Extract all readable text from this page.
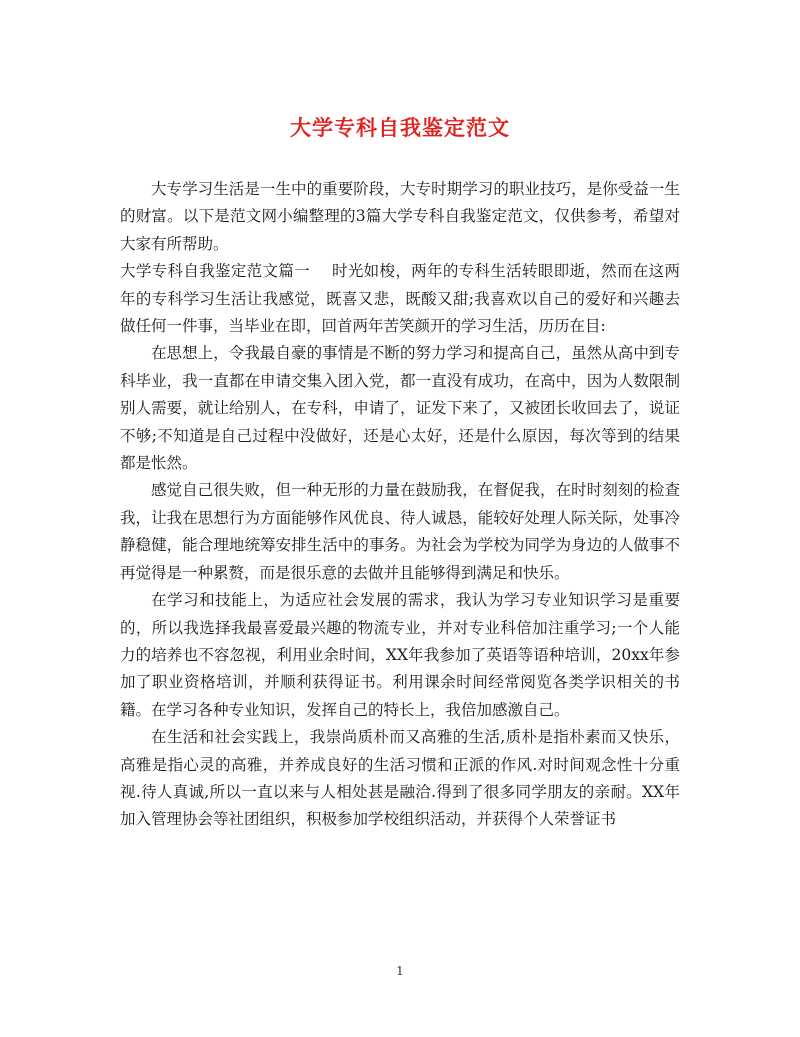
大学专科自我鉴定范文

大专学习生活是一生中的重要阶段，大专时期学习的职业技巧，是你受益一生的财富。以下是范文网小编整理的3篇大学专科自我鉴定范文，仅供参考，希望对大家有所帮助。

大学专科自我鉴定范文篇一 时光如梭，两年的专科生活转眼即逝，然而在这两年的专科学习生活让我感觉，既喜又悲，既酸又甜;我喜欢以自己的爱好和兴趣去做任何一件事，当毕业在即，回首两年苦笑颜开的学习生活，历历在目:

在思想上，令我最自豪的事情是不断的努力学习和提高自己，虽然从高中到专科毕业，我一直都在申请交集入团入党，都一直没有成功，在高中，因为人数限制别人需要，就让给别人，在专科，申请了，证发下来了，又被团长收回去了，说证不够;不知道是自己过程中没做好，还是心太好，还是什么原因，每次等到的结果都是怅然。

感觉自己很失败，但一种无形的力量在鼓励我，在督促我，在时时刻刻的检查我，让我在思想行为方面能够作风优良、待人诚恳，能较好处理人际关际，处事冷静稳健，能合理地统筹安排生活中的事务。为社会为学校为同学为身边的人做事不再觉得是一种累赘，而是很乐意的去做并且能够得到满足和快乐。

在学习和技能上，为适应社会发展的需求，我认为学习专业知识学习是重要的，所以我选择我最喜爱最兴趣的物流专业，并对专业科倍加注重学习;一个人能力的培养也不容忽视，利用业余时间，XX年我参加了英语等语种培训，20xx年参加了职业资格培训，并顺利获得证书。利用课余时间经常阅览各类学识相关的书籍。在学习各种专业知识，发挥自己的特长上，我倍加感激自己。

在生活和社会实践上，我崇尚质朴而又高雅的生活,质朴是指朴素而又快乐，高雅是指心灵的高雅，并养成良好的生活习惯和正派的作风.对时间观念性十分重视.待人真诚,所以一直以来与人相处甚是融洽.得到了很多同学朋友的亲耐。XX年加入管理协会等社团组织，积极参加学校组织活动，并获得个人荣誉证书

1
